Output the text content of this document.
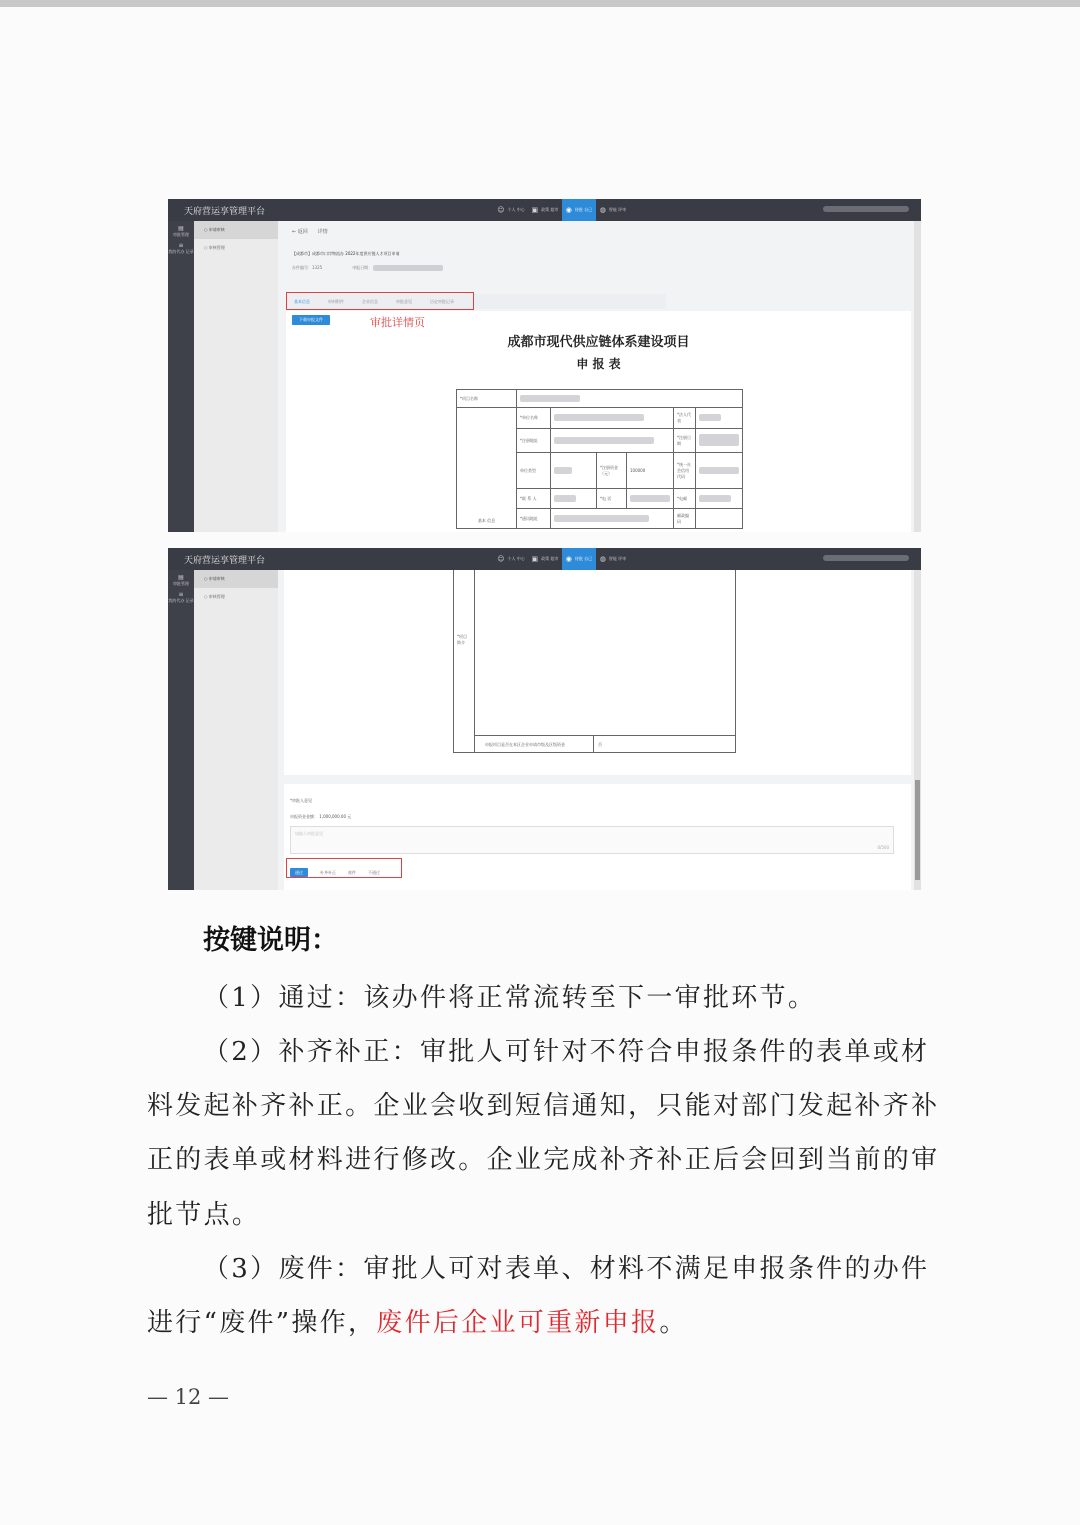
天府营运享管理平台	☺ 个人 中心 ▣ 政策 超市 ◉ 待批 自己 ◍ 智能 评审
▤
审批管理
≡
我的代办 记录
○ 申请审核
○ 审核管理
← 返回 详情
【成都市】成都市口岸物流办 2022年度供应链人才项目申请
办件编号：1325	申报日期：
基本信息	材料附件	企业信息	审批意见	历史审批记录
下载申报文件	审批详情页
成都市现代供应链体系建设项目
申 报 表
*项目名称						
基本 信息	*单位名称				*法人代表	
	*注册地址				*注册日期	
	单位类型		*注册资金（元）	100000	*统一社会信用代码	
	*联 系 人		*电 话		*电邮	
	*通讯地址				邮政编码	
天府营运享管理平台	☺ 个人 中心 ▣ 政策 超市 ◉ 待批 自己 ◍ 智能 评审
▤
审批管理
≡
我的代办 记录
○ 申请审核
○ 审核管理
*项目 简介
申报项目是否在本区企业申请市级及区级资金	否
*审批人意见
申报资金金额： 1,000,000.00 元
请输入审批意见
0/500
通过	补齐补正	废件	不通过
按键说明：
（1）通过：该办件将正常流转至下一审批环节。
（2）补齐补正：审批人可针对不符合申报条件的表单或材
料发起补齐补正。企业会收到短信通知，只能对部门发起补齐补
正的表单或材料进行修改。企业完成补齐补正后会回到当前的审
批节点。
（3）废件：审批人可对表单、材料不满足申报条件的办件
进行“废件”操作，废件后企业可重新申报。
— 12 —
